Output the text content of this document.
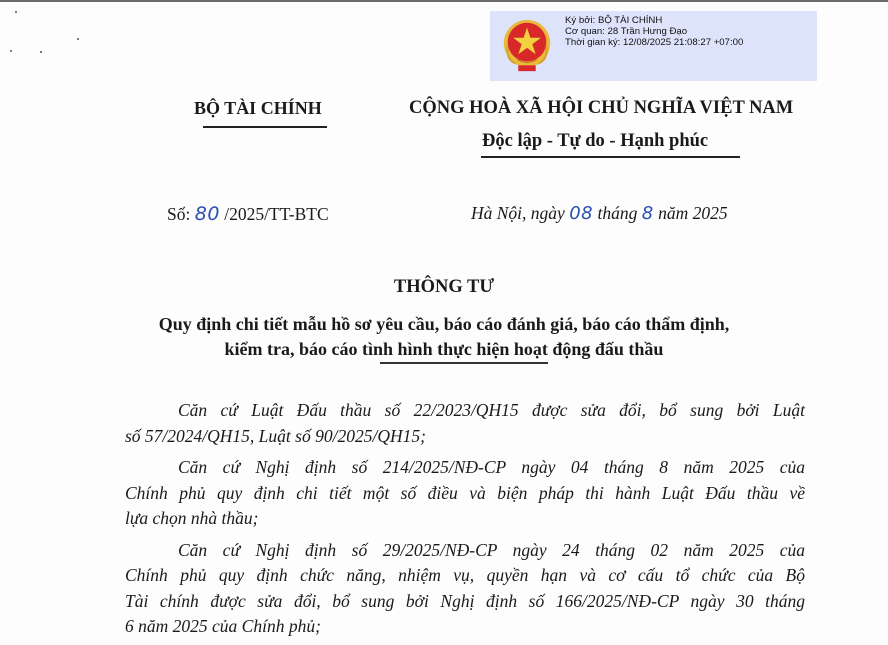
Ký bởi: BỘ TÀI CHÍNH
Cơ quan: 28 Trần Hưng Đạo
Thời gian ký: 12/08/2025 21:08:27 +07:00
BỘ TÀI CHÍNH	CỘNG HOÀ XÃ HỘI CHỦ NGHĨA VIỆT NAM
Độc lập - Tự do - Hạnh phúc
Số: 80 /2025/TT-BTC	Hà Nội, ngày 08 tháng 8 năm 2025
THÔNG TƯ
Quy định chi tiết mẫu hồ sơ yêu cầu, báo cáo đánh giá, báo cáo thẩm định,
kiểm tra, báo cáo tình hình thực hiện hoạt động đấu thầu
Căn cứ Luật Đấu thầu số 22/2023/QH15 được sửa đổi, bổ sung bởi Luật
số 57/2024/QH15, Luật số 90/2025/QH15;
Căn cứ Nghị định số 214/2025/NĐ-CP ngày 04 tháng 8 năm 2025 của
Chính phủ quy định chi tiết một số điều và biện pháp thi hành Luật Đấu thầu về
lựa chọn nhà thầu;
Căn cứ Nghị định số 29/2025/NĐ-CP ngày 24 tháng 02 năm 2025 của
Chính phủ quy định chức năng, nhiệm vụ, quyền hạn và cơ cấu tổ chức của Bộ
Tài chính được sửa đổi, bổ sung bởi Nghị định số 166/2025/NĐ-CP ngày 30 tháng
6 năm 2025 của Chính phủ;
